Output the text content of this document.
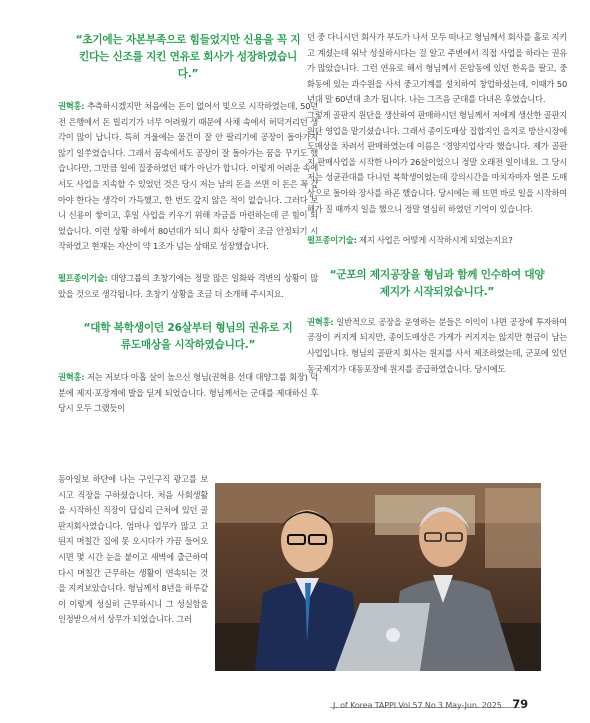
“초기에는 자본부족으로 힘들었지만 신용을 꼭 지킨다는 신조를 지킨 연유로 회사가 성장하였습니다.”
권혁홍: 추측하시겠지만 처음에는 돈이 없어서 빚으로 시작하였는데, 50년 전 은행에서 돈 빌리기가 너무 어려웠기 때문에 사채 속에서 허덕거리던 생각이 많이 납니다. 특히 겨울에는 물건이 잘 안 팔리기에 공장이 돌아가지 않기 일쑤였습니다. 그래서 꿈속에서도 공장이 잘 돌아가는 꿈을 꾸기도 했습니다만, 그만큼 일에 집중하였던 때가 아닌가 합니다. 이렇게 어려운 속에서도 사업을 지속할 수 있었던 것은 당시 저는 남의 돈을 쓰면 이 돈은 꼭 갚아야 한다는 생각이 가득했고, 한 번도 갚지 않은 적이 없습니다. 그러다 보니 신용이 쌓이고, 후일 사업을 키우기 위해 자금을 마련하는데 큰 힘이 되었습니다. 이런 상황 하에서 80년대가 되니 회사 상황이 조금 안정되기 시작하였고 현재는 자산이 약 1조가 넘는 상태로 성장했습니다.
펄프종이기술: 대양그룹의 초창기에는 정말 많은 일화와 격변의 상황이 많았을 것으로 생각됩니다. 초창기 상황을 조금 더 소개해 주시지요.
“대학 복학생이던 26살부터 형님의 권유로 지류도매상을 시작하였습니다.”
권혁홍: 저는 저보다 아홉 살이 높으신 형님(권혁용 선대 대양그룹 회장) 덕분에 제지·포장계에 발을 딛게 되었습니다. 형님께서는 군대를 제대하신 후 당시 모두 그랬듯이
동아일보 하단에 나는 구인구직 광고를 보시고 직장을 구하셨습니다. 처음 사회생활을 시작하신 직장이 답십리 근처에 있던 골판지회사였습니다. 엄마나 업무가 많고 고된지 며칠간 집에 못 오시다가 가끔 들어오시면 몇 시간 눈을 붙이고 새벽에 출근하여 다시 며칠간 근무하는 생활이 연속되는 것을 지켜보았습니다. 형님께서 8년을 하루같이 이렇게 성실히 근무하시니 그 성실함을 인정받으셔서 상무가 되었습니다. 그러
던 중 다니시던 회사가 부도가 나서 모두 떠나고 형님께서 회사를 홀로 지키고 계셨는데 워낙 성실하시다는 걸 알고 주변에서 직접 사업을 하라는 권유가 많았습니다. 그런 연유로 해서 형님께서 돈암동에 있던 한옥을 팔고, 중화동에 있는 과수원을 사서 중고기계를 설치하여 창업하셨는데, 이때가 50년대 말 60년대 초가 됩니다. 나는 그즈음 군대를 다녀온 후였습니다.
그렇게 골판지 원단을 생산하여 판매하시던 형님께서 저에게 생산한 골판지 원단 영업을 맡기셨습니다. 그래서 종이도매상 집합지인 을지로 방산시장에 도매상을 차려서 판매하였는데 이름은 '경양지업사'라 했습니다. 제가 골판지 판매사업을 시작한 나이가 26살이었으니 정말 오래전 일이네요. 그 당시 저는 성균관대를 다니던 복학생이었는데 강의시간을 마치자마자 얼른 도매상으로 돌아와 장사를 하곤 했습니다. 당시에는 해 뜨면 바로 일을 시작하여 해가 질 때까지 일을 했으니 정말 열심히 하였던 기억이 있습니다.
펄프종이기술: 제지 사업은 어떻게 시작하시게 되었는지요?
“군포의 제지공장을 형님과 함께 인수하여 대양제지가 시작되었습니다.”
권혁홍: 일반적으로 공장을 운영하는 분들은 이익이 나면 공장에 투자하여 공장이 커지게 되지만, 종이도매상은 가게가 커지지는 않지만 현금이 남는 사업입니다. 형님의 골판지 회사는 원지를 사서 제조하였는데, 군포에 있던 동국제지가 대동포장에 원지를 공급하였습니다. 당시에도
J. of Korea TAPPI Vol.57 No.3 May-Jun. 2025 79
